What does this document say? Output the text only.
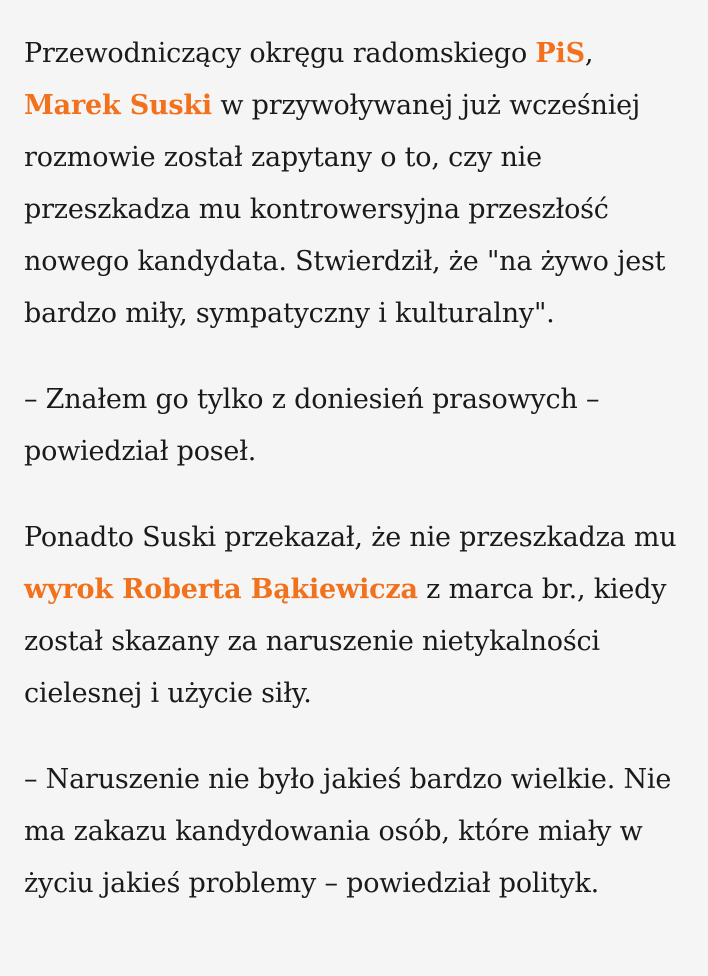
Przewodniczący okręgu radomskiego PiS, Marek Suski w przywoływanej już wcześniej rozmowie został zapytany o to, czy nie przeszkadza mu kontrowersyjna przeszłość nowego kandydata. Stwierdził, że "na żywo jest bardzo miły, sympatyczny i kulturalny".

– Znałem go tylko z doniesień prasowych – powiedział poseł.

Ponadto Suski przekazał, że nie przeszkadza mu wyrok Roberta Bąkiewicza z marca br., kiedy został skazany za naruszenie nietykalności cielesnej i użycie siły.

– Naruszenie nie było jakieś bardzo wielkie. Nie ma zakazu kandydowania osób, które miały w życiu jakieś problemy – powiedział polityk.
